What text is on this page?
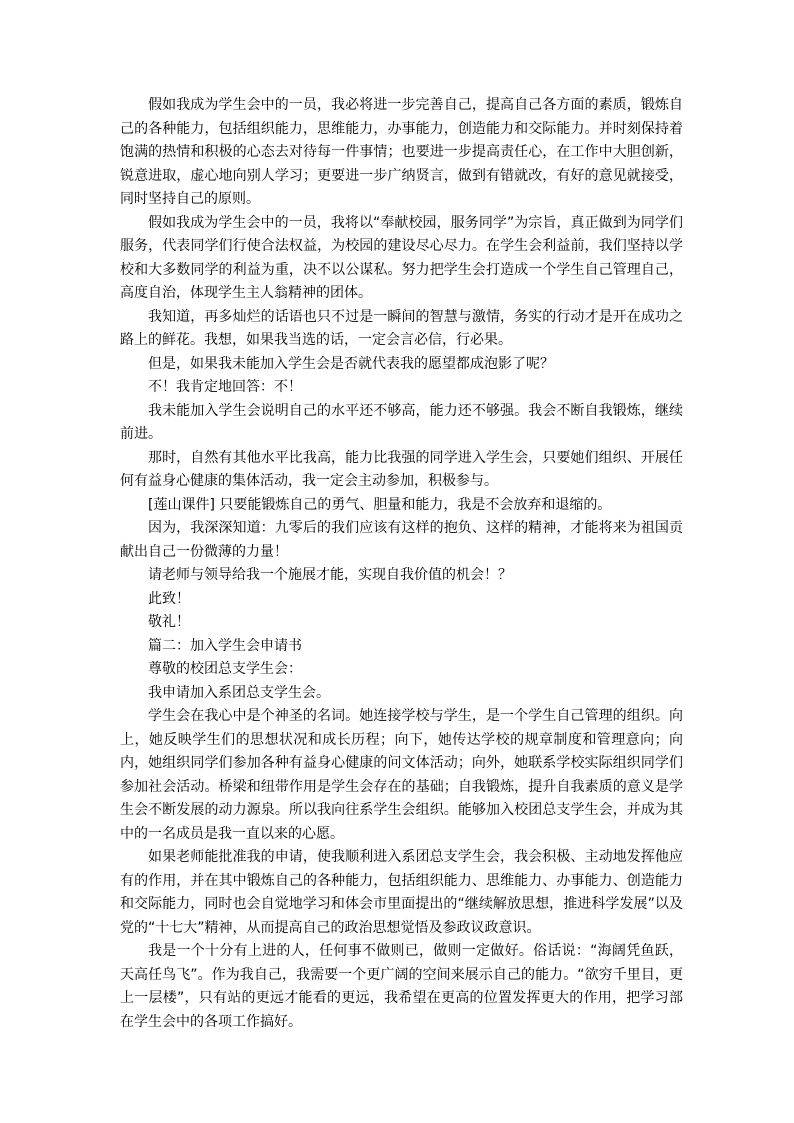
假如我成为学生会中的一员，我必将进一步完善自己，提高自己各方面的素质，锻炼自己的各种能力，包括组织能力，思维能力，办事能力，创造能力和交际能力。并时刻保持着饱满的热情和积极的心态去对待每一件事情；也要进一步提高责任心，在工作中大胆创新，锐意进取，虚心地向别人学习；更要进一步广纳贤言，做到有错就改，有好的意见就接受，同时坚持自己的原则。

假如我成为学生会中的一员，我将以“奉献校园，服务同学”为宗旨，真正做到为同学们服务，代表同学们行使合法权益，为校园的建设尽心尽力。在学生会利益前，我们坚持以学校和大多数同学的利益为重，决不以公谋私。努力把学生会打造成一个学生自己管理自己，高度自治，体现学生主人翁精神的团体。

我知道，再多灿烂的话语也只不过是一瞬间的智慧与激情，务实的行动才是开在成功之路上的鲜花。我想，如果我当选的话，一定会言必信，行必果。

但是，如果我未能加入学生会是否就代表我的愿望都成泡影了呢？

不！我肯定地回答：不！

我未能加入学生会说明自己的水平还不够高，能力还不够强。我会不断自我锻炼，继续前进。

那时，自然有其他水平比我高，能力比我强的同学进入学生会，只要她们组织、开展任何有益身心健康的集体活动，我一定会主动参加，积极参与。

[莲山课件] 只要能锻炼自己的勇气、胆量和能力，我是不会放弃和退缩的。

因为，我深深知道：九零后的我们应该有这样的抱负、这样的精神，才能将来为祖国贡献出自己一份微薄的力量！

请老师与领导给我一个施展才能，实现自我价值的机会！？

此致！

敬礼！

篇二：加入学生会申请书

尊敬的校团总支学生会：

我申请加入系团总支学生会。

学生会在我心中是个神圣的名词。她连接学校与学生，是一个学生自己管理的组织。向上，她反映学生们的思想状况和成长历程；向下，她传达学校的规章制度和管理意向；向内，她组织同学们参加各种有益身心健康的问文体活动；向外，她联系学校实际组织同学们参加社会活动。桥梁和纽带作用是学生会存在的基础；自我锻炼，提升自我素质的意义是学生会不断发展的动力源泉。所以我向往系学生会组织。能够加入校团总支学生会，并成为其中的一名成员是我一直以来的心愿。

如果老师能批准我的申请，使我顺利进入系团总支学生会，我会积极、主动地发挥他应有的作用，并在其中锻炼自己的各种能力，包括组织能力、思维能力、办事能力、创造能力和交际能力，同时也会自觉地学习和体会市里面提出的“继续解放思想，推进科学发展”以及党的“十七大”精神，从而提高自己的政治思想觉悟及参政议政意识。

我是一个十分有上进的人，任何事不做则已，做则一定做好。俗话说：“海阔凭鱼跃，天高任鸟飞”。作为我自己，我需要一个更广阔的空间来展示自己的能力。“欲穷千里目，更上一层楼”，只有站的更远才能看的更远，我希望在更高的位置发挥更大的作用，把学习部在学生会中的各项工作搞好。
